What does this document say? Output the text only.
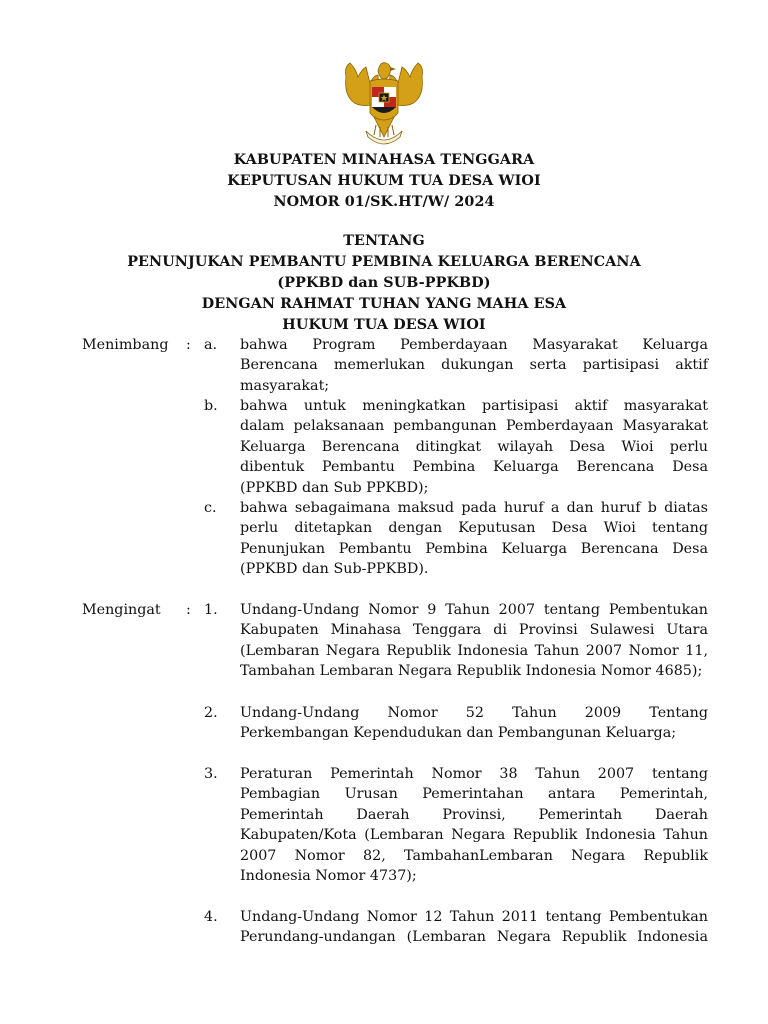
KABUPATEN MINAHASA TENGGARA
KEPUTUSAN HUKUM TUA DESA WIOI
NOMOR 01/SK.HT/W/ 2024
TENTANG
PENUNJUKAN PEMBANTU PEMBINA KELUARGA BERENCANA
(PPKBD dan SUB-PPKBD)
DENGAN RAHMAT TUHAN YANG MAHA ESA
HUKUM TUA DESA WIOI
Menimbang : a. bahwa Program Pemberdayaan Masyarakat Keluarga
Berencana memerlukan dukungan serta partisipasi aktif
masyarakat;
b. bahwa untuk meningkatkan partisipasi aktif masyarakat
dalam pelaksanaan pembangunan Pemberdayaan Masyarakat
Keluarga Berencana ditingkat wilayah Desa Wioi perlu
dibentuk Pembantu Pembina Keluarga Berencana Desa
(PPKBD dan Sub PPKBD);
c. bahwa sebagaimana maksud pada huruf a dan huruf b diatas
perlu ditetapkan dengan Keputusan Desa Wioi tentang
Penunjukan Pembantu Pembina Keluarga Berencana Desa
(PPKBD dan Sub-PPKBD).
Mengingat : 1. Undang-Undang Nomor 9 Tahun 2007 tentang Pembentukan
Kabupaten Minahasa Tenggara di Provinsi Sulawesi Utara
(Lembaran Negara Republik Indonesia Tahun 2007 Nomor 11,
Tambahan Lembaran Negara Republik Indonesia Nomor 4685);
2. Undang-Undang Nomor 52 Tahun 2009 Tentang
Perkembangan Kependudukan dan Pembangunan Keluarga;
3. Peraturan Pemerintah Nomor 38 Tahun 2007 tentang
Pembagian Urusan Pemerintahan antara Pemerintah,
Pemerintah Daerah Provinsi, Pemerintah Daerah
Kabupaten/Kota (Lembaran Negara Republik Indonesia Tahun
2007 Nomor 82, TambahanLembaran Negara Republik
Indonesia Nomor 4737);
4. Undang-Undang Nomor 12 Tahun 2011 tentang Pembentukan
Perundang-undangan (Lembaran Negara Republik Indonesia
